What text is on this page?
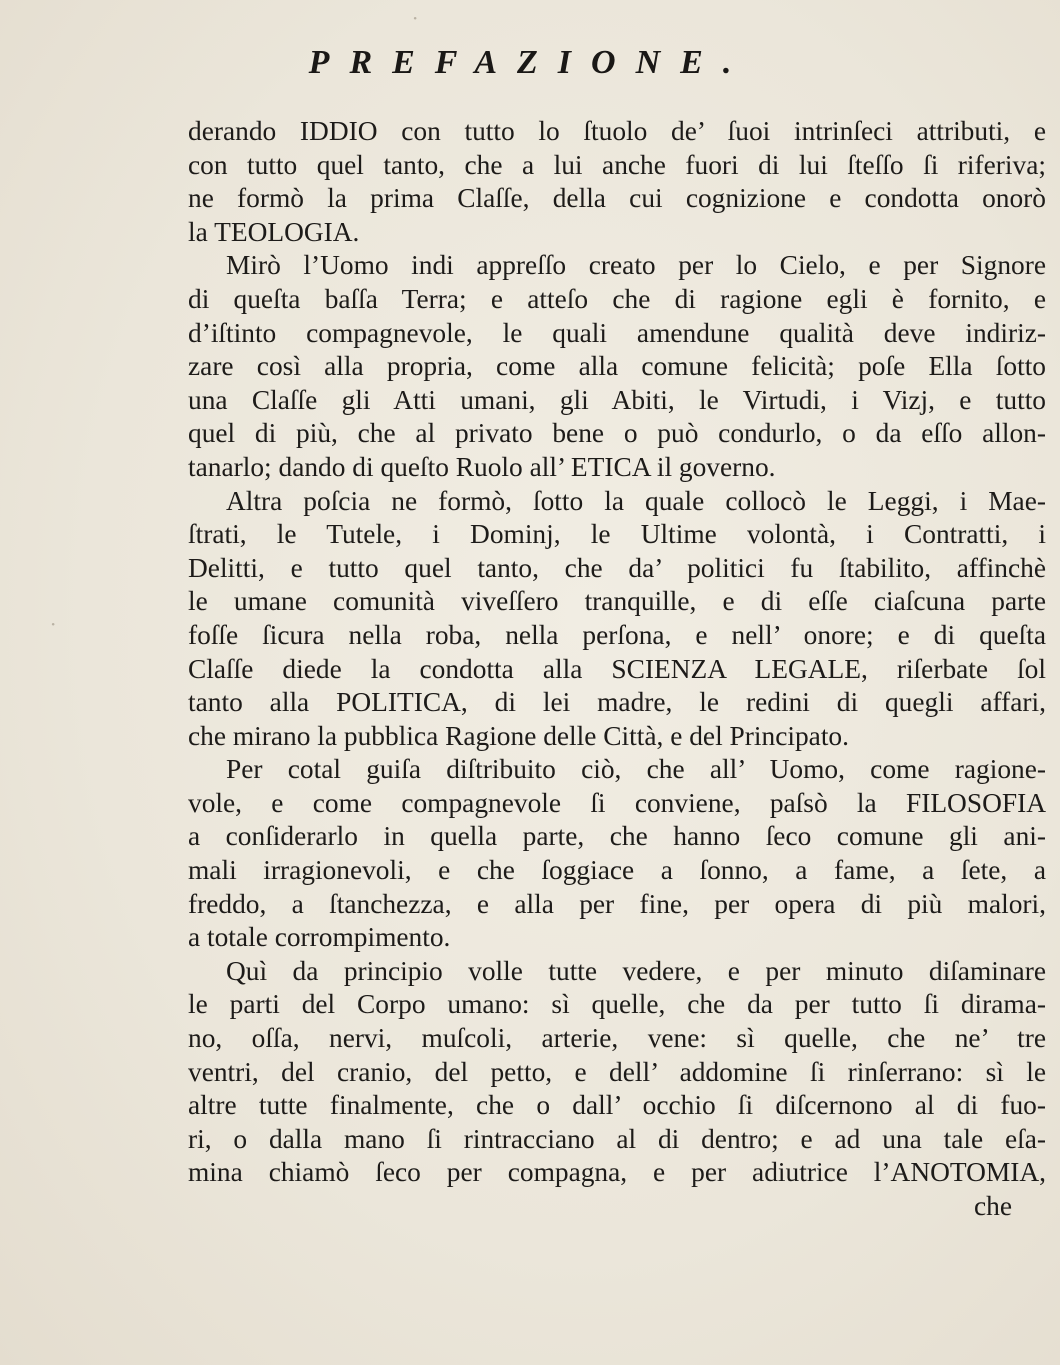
PREFAZIONE.
derando IDDIO con tutto lo ſtuolo de’ ſuoi intrinſeci attributi, e
con tutto quel tanto, che a lui anche fuori di lui ſteſſo ſi riferiva;
ne formò la prima Claſſe, della cui cognizione e condotta onorò
la TEOLOGIA.
Mirò l’Uomo indi appreſſo creato per lo Cielo, e per Signore
di queſta baſſa Terra; e atteſo che di ragione egli è fornito, e
d’iſtinto compagnevole, le quali amendune qualità deve indiriz-
zare così alla propria, come alla comune felicità; poſe Ella ſotto
una Claſſe gli Atti umani, gli Abiti, le Virtudi, i Vizj, e tutto
quel di più, che al privato bene o può condurlo, o da eſſo allon-
tanarlo; dando di queſto Ruolo all’ ETICA il governo.
Altra poſcia ne formò, ſotto la quale collocò le Leggi, i Mae-
ſtrati, le Tutele, i Dominj, le Ultime volontà, i Contratti, i
Delitti, e tutto quel tanto, che da’ politici fu ſtabilito, affinchè
le umane comunità viveſſero tranquille, e di eſſe ciaſcuna parte
foſſe ſicura nella roba, nella perſona, e nell’ onore; e di queſta
Claſſe diede la condotta alla SCIENZA LEGALE, riſerbate ſol
tanto alla POLITICA, di lei madre, le redini di quegli affari,
che mirano la pubblica Ragione delle Città, e del Principato.
Per cotal guiſa diſtribuito ciò, che all’ Uomo, come ragione-
vole, e come compagnevole ſi conviene, paſsò la FILOSOFIA
a conſiderarlo in quella parte, che hanno ſeco comune gli ani-
mali irragionevoli, e che ſoggiace a ſonno, a fame, a ſete, a
freddo, a ſtanchezza, e alla per fine, per opera di più malori,
a totale corrompimento.
Quì da principio volle tutte vedere, e per minuto diſaminare
le parti del Corpo umano: sì quelle, che da per tutto ſi dirama-
no, oſſa, nervi, muſcoli, arterie, vene: sì quelle, che ne’ tre
ventri, del cranio, del petto, e dell’ addomine ſi rinſerrano: sì le
altre tutte finalmente, che o dall’ occhio ſi diſcernono al di fuo-
ri, o dalla mano ſi rintracciano al di dentro; e ad una tale eſa-
mina chiamò ſeco per compagna, e per adiutrice l’ANOTOMIA,
che
·
·
